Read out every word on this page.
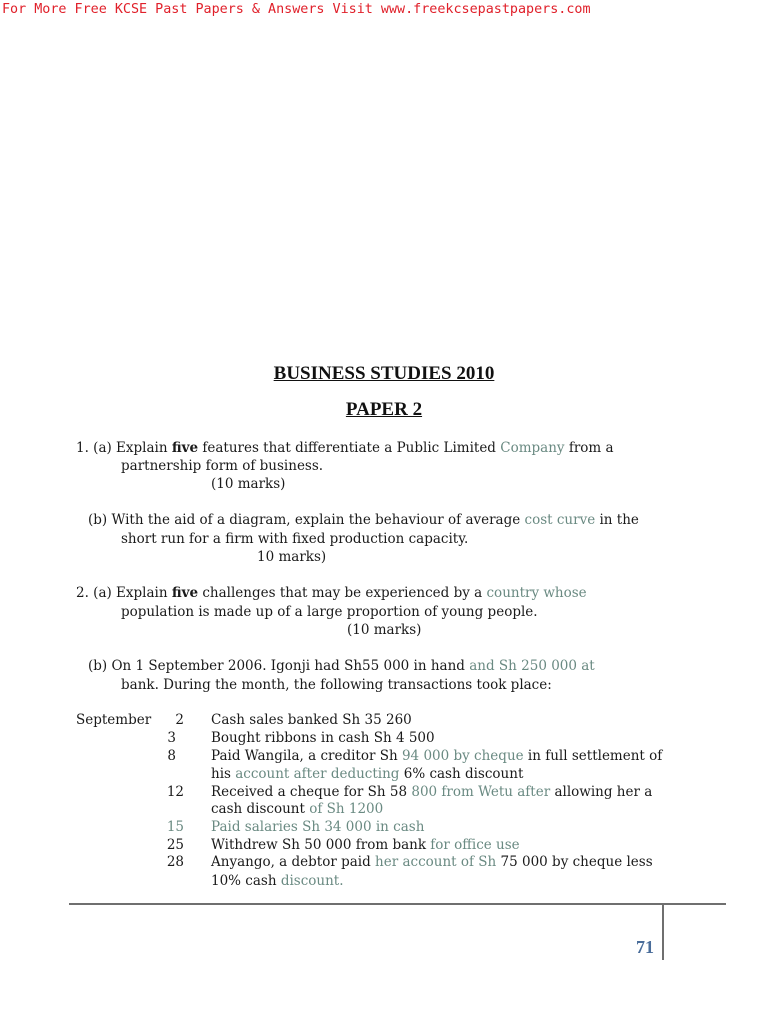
For More Free KCSE Past Papers & Answers Visit www.freekcsepastpapers.com
BUSINESS STUDIES 2010
PAPER 2
1. (a) Explain five features that differentiate a Public Limited Company from a
partnership form of business.
(10 marks)
(b) With the aid of a diagram, explain the behaviour of average cost curve in the
short run for a firm with fixed production capacity.
10 marks)
2. (a) Explain five challenges that may be experienced by a country whose
population is made up of a large proportion of young people.
(10 marks)
(b) On 1 September 2006. Igonji had Sh55 000 in hand and Sh 250 000 at
bank. During the month, the following transactions took place:
September	2 Cash sales banked Sh 35 260
3	Bought ribbons in cash Sh 4 500
8	Paid Wangila, a creditor Sh 94 000 by cheque in full settlement of
his account after deducting 6% cash discount
12 Received a cheque for Sh 58 800 from Wetu after allowing her a
cash discount of Sh 1200
15 Paid salaries Sh 34 000 in cash
25 Withdrew Sh 50 000 from bank for office use
28 Anyango, a debtor paid her account of Sh 75 000 by cheque less
10% cash discount.
71
